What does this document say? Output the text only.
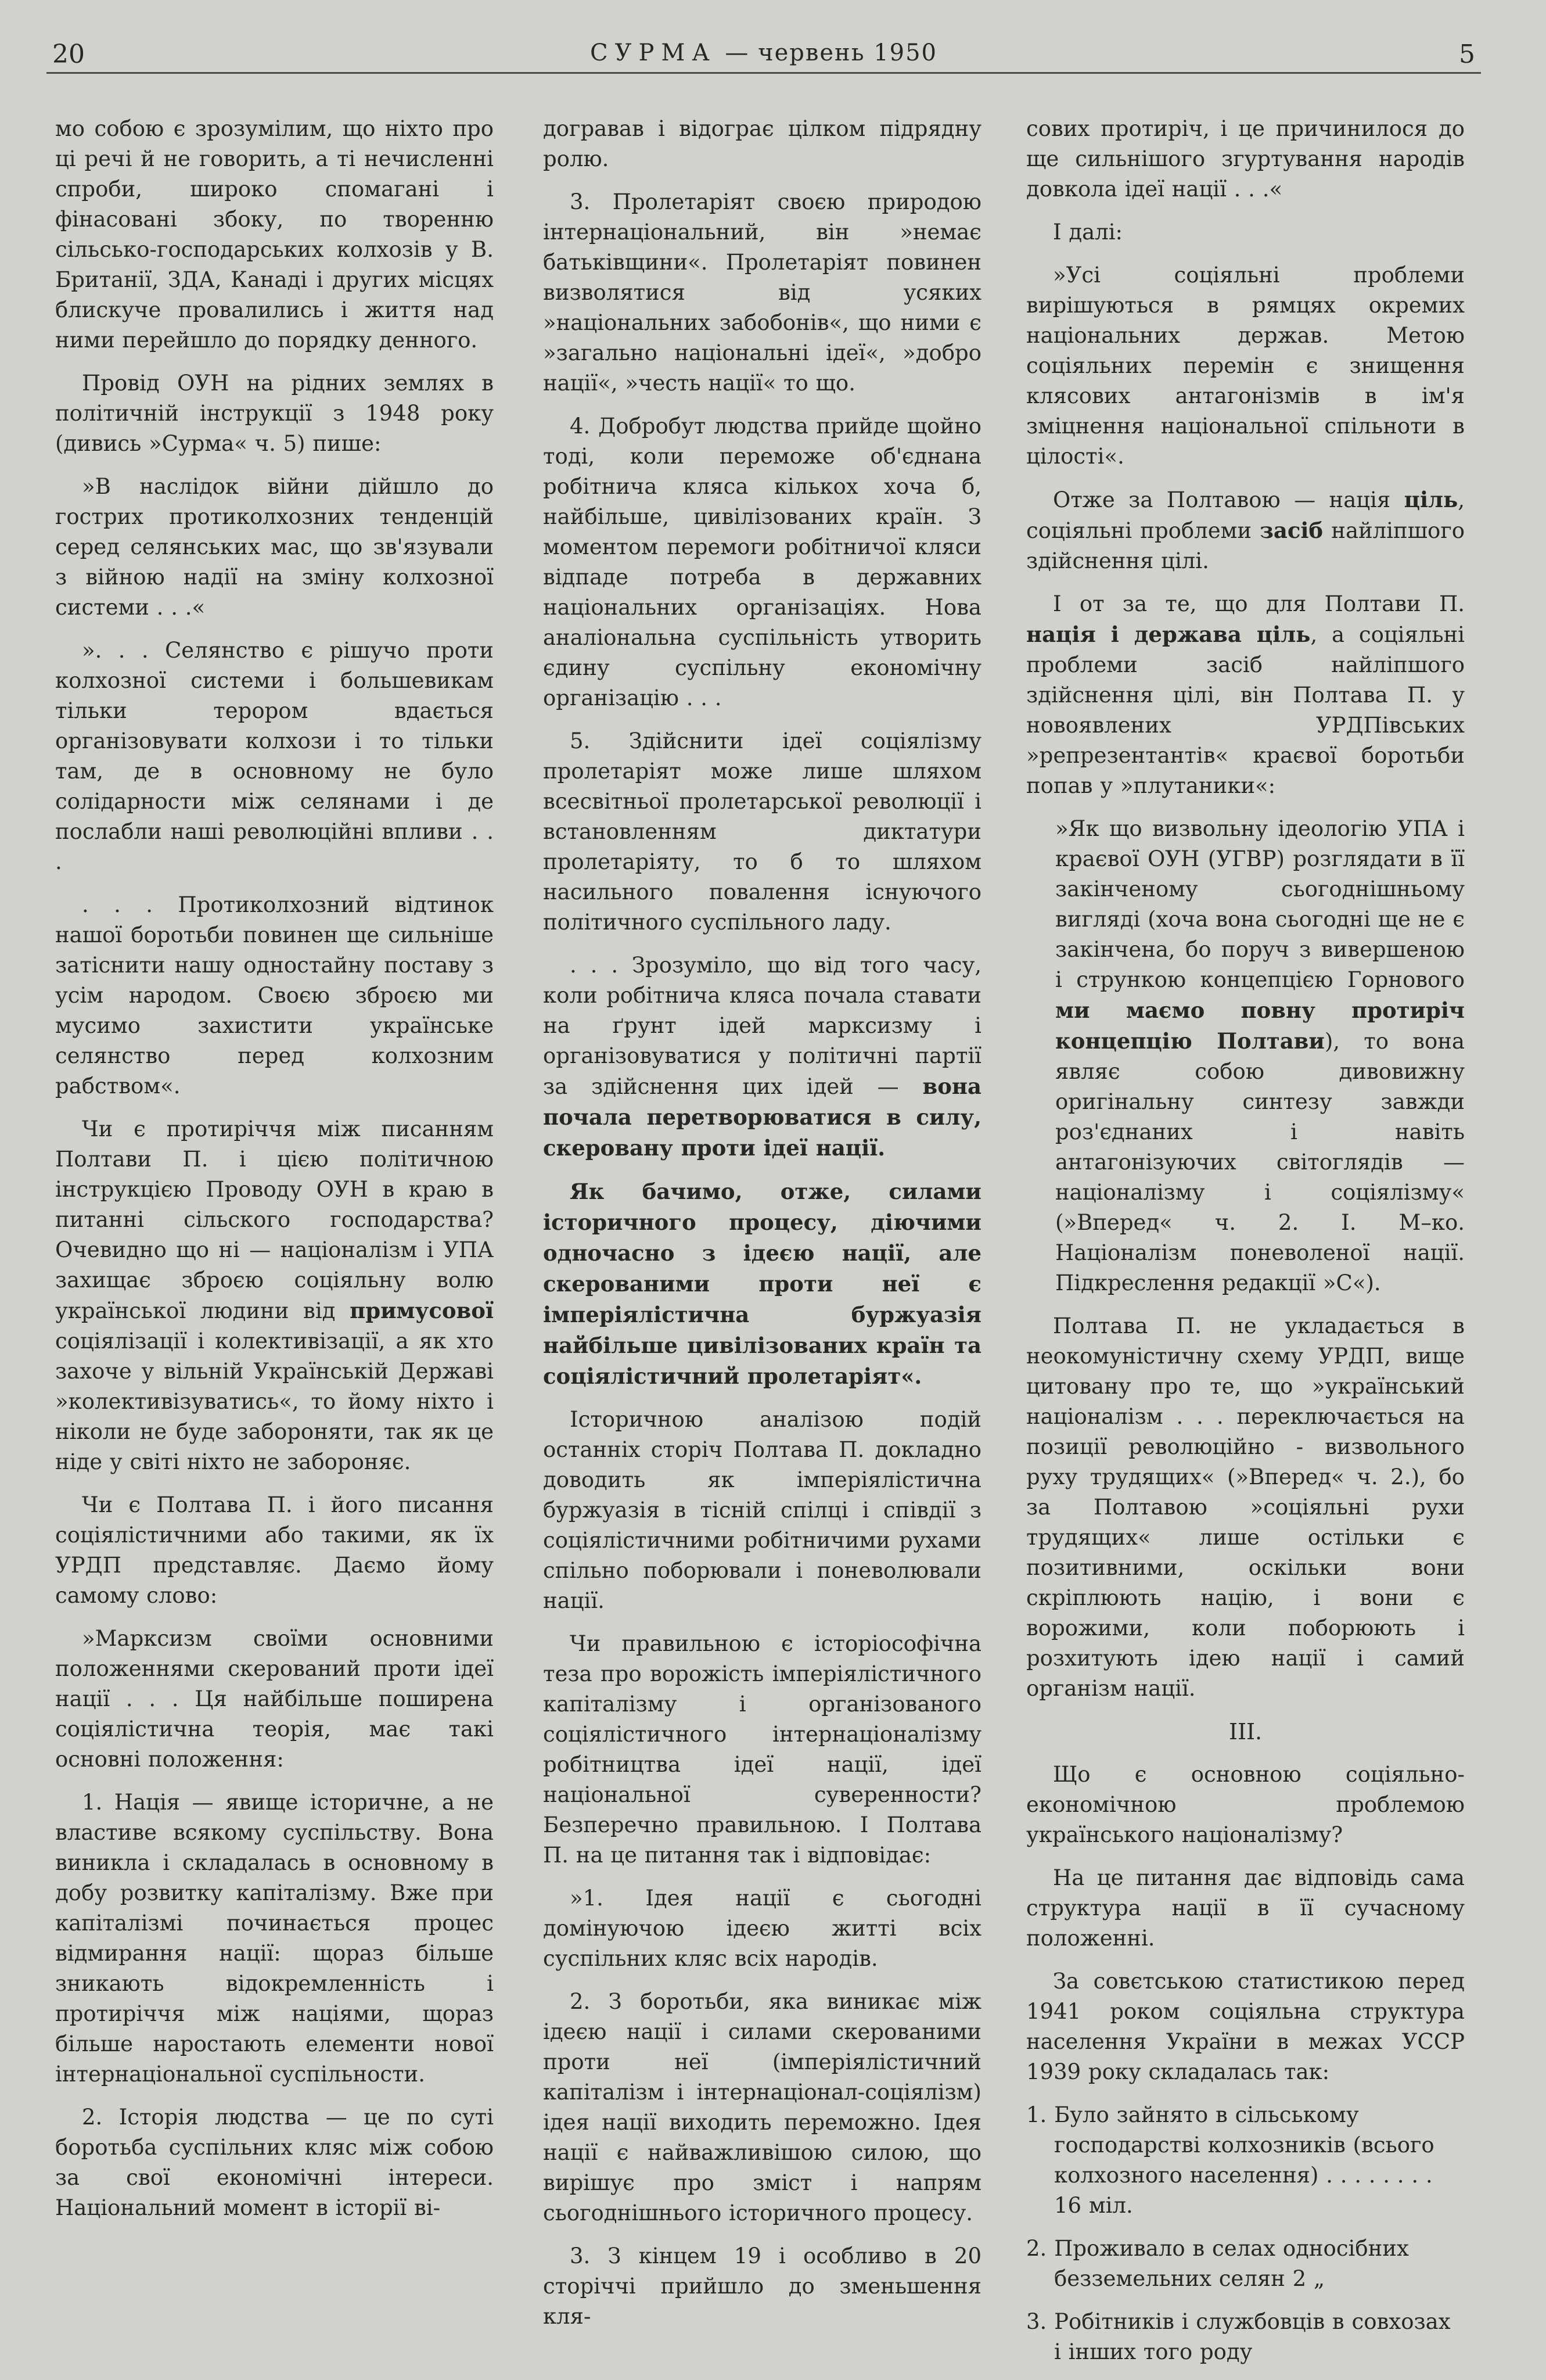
20	СУРМА — червень 1950	5

мо собою є зрозумілим, що ніхто про ці речі й не говорить, а ті нечисленні спроби, широко спомагані і фінасовані збоку, по творенню сільсько-господарських колхозів у В. Британії, ЗДА, Канаді і других місцях блискуче провалились і життя над ними перейшло до порядку денного.

Провід ОУН на рідних землях в політичній інструкції з 1948 року (дивись »Сурма« ч. 5) пише:

»В наслідок війни дійшло до гострих протиколхозних тенденцій серед селянських мас, що зв'язували з війною надії на зміну колхозної системи . . .«

». . . Селянство є рішучо проти колхозної системи і большевикам тільки терором вдається організовувати колхози і то тільки там, де в основному не було солідарности між селянами і де послабли наші революційні впливи . . .

. . . Протиколхозний відтинок нашої боротьби повинен ще сильніше затіснити нашу одностайну поставу з усім народом. Своєю зброєю ми мусимо захистити українське селянство перед колхозним рабством«.

Чи є протиріччя між писанням Полтави П. і цією політичною інструкцією Проводу ОУН в краю в питанні сільского господарства? Очевидно що ні — націоналізм і УПА захищає зброєю соціяльну волю української людини від примусової соціялізації і колективізації, а як хто захоче у вільній Українській Державі »колективізуватись«, то йому ніхто і ніколи не буде забороняти, так як це ніде у світі ніхто не забороняє.

Чи є Полтава П. і його писання соціялістичними або такими, як їх УРДП представляє. Даємо йому самому слово:

»Марксизм своїми основними положеннями скерований проти ідеї нації . . . Ця найбільше поширена соціялістична теорія, має такі основні положення:

1. Нація — явище історичне, а не властиве всякому суспільству. Вона виникла і складалась в основному в добу розвитку капіталізму. Вже при капіталізмі починається процес відмирання нації: щораз більше зникають відокремленність і протиріччя між націями, щораз більше наростають елементи нової інтернаціональної суспільности.

2. Історія людства — це по суті боротьба суспільних кляс між собою за свої економічні інтереси. Національний момент в історії ві-

догравав і відограє цілком підрядну ролю.

3. Пролетаріят своєю природою інтернаціональний, він »немає батьківщини«. Пролетаріят повинен визволятися від усяких »національних забобонів«, що ними є »загально національні ідеї«, »добро нації«, »честь нації« то що.

4. Добробут людства прийде щойно тоді, коли переможе об'єднана робітнича кляса кількох хоча б, найбільше, цивілізованих країн. З моментом перемоги робітничої кляси відпаде потреба в державних національних організаціях. Нова аналіональна суспільність утворить єдину суспільну економічну організацію . . .

5. Здійснити ідеї соціялізму пролетаріят може лише шляхом всесвітньої пролетарської революції і встановленням диктатури пролетаріяту, то б то шляхом насильного повалення існуючого політичного суспільного ладу.

. . . Зрозуміло, що від того часу, коли робітнича кляса почала ставати на ґрунт ідей марксизму і організовуватися у політичні партії за здійснення цих ідей — вона почала перетворюватися в силу, скеровану проти ідеї нації.

Як бачимо, отже, силами історичного процесу, діючими одночасно з ідеєю нації, але скерованими проти неї є імперіялістична буржуазія найбільше цивілізованих країн та соціялістичний пролетаріят«.

Історичною аналізою подій останніх сторіч Полтава П. докладно доводить як імперіялістична буржуазія в тісній спілці і співдії з соціялістичними робітничими рухами спільно поборювали і поневолювали нації.

Чи правильною є історіософічна теза про ворожість імперіялістичного капіталізму і організованого соціялістичного інтернаціоналізму робітництва ідеї нації, ідеї національної суверенности? Безперечно правильною. І Полтава П. на це питання так і відповідає:

»1. Ідея нації є сьогодні домінуючою ідеєю житті всіх суспільних кляс всіх народів.

2. З боротьби, яка виникає між ідеєю нації і силами скерованими проти неї (імперіялістичний капіталізм і інтернаціонал-соціялізм) ідея нації виходить переможно. Ідея нації є найважливішою силою, що вирішує про зміст і напрям сьогоднішнього історичного процесу.

3. З кінцем 19 і особливо в 20 сторіччі прийшло до зменьшення кля-

сових протиріч, і це причинилося до ще сильнішого згуртування народів довкола ідеї нації . . .«

І далі:

»Усі соціяльні проблеми вирішуються в рямцях окремих національних держав. Метою соціяльних перемін є знищення клясових антагонізмів в ім'я зміцнення національної спільноти в цілості«.

Отже за Полтавою — нація ціль, соціяльні проблеми засіб найліпшого здійснення цілі.

І от за те, що для Полтави П. нація і держава ціль, а соціяльні проблеми засіб найліпшого здійснення цілі, він Полтава П. у новоявлених УРДПівських »репрезентантів« краєвої боротьби попав у »плутаники«:

»Як що визвольну ідеологію УПА і краєвої ОУН (УГВР) розглядати в її закінченому сьогоднішньому вигляді (хоча вона сьогодні ще не є закінчена, бо поруч з вивершеною і стрункою концепцією Горнового ми маємо повну протиріч концепцію Полтави), то вона являє собою дивовижну оригінальну синтезу завжди роз'єднаних і навіть антагонізуючих світоглядів — націоналізму і соціялізму« (»Вперед« ч. 2. І. М–ко. Націоналізм поневоленої нації. Підкреслення редакції »С«).

Полтава П. не укладається в неокомуністичну схему УРДП, вище цитовану про те, що »український націоналізм . . . переключається на позиції революційно - визвольного руху трудящих« (»Вперед« ч. 2.), бо за Полтавою »соціяльні рухи трудящих« лише остільки є позитивними, оскільки вони скріплюють націю, і вони є ворожими, коли поборюють і розхитують ідею нації і самий організм нації.

III.

Що є основною соціяльно-економічною проблемою українського націоналізму?

На це питання дає відповідь сама структура нації в її сучасному положенні.

За совєтською статистикою перед 1941 роком соціяльна структура населення України в межах УССР 1939 року складалась так:

1. Було зайнято в сільському господарстві колхозників (всього колхозного населення) . . . . . . . . 16 міл.

2. Проживало в селах односібних безземельних селян 2 „

3. Робітників і службовців в совхозах і інших того роду
